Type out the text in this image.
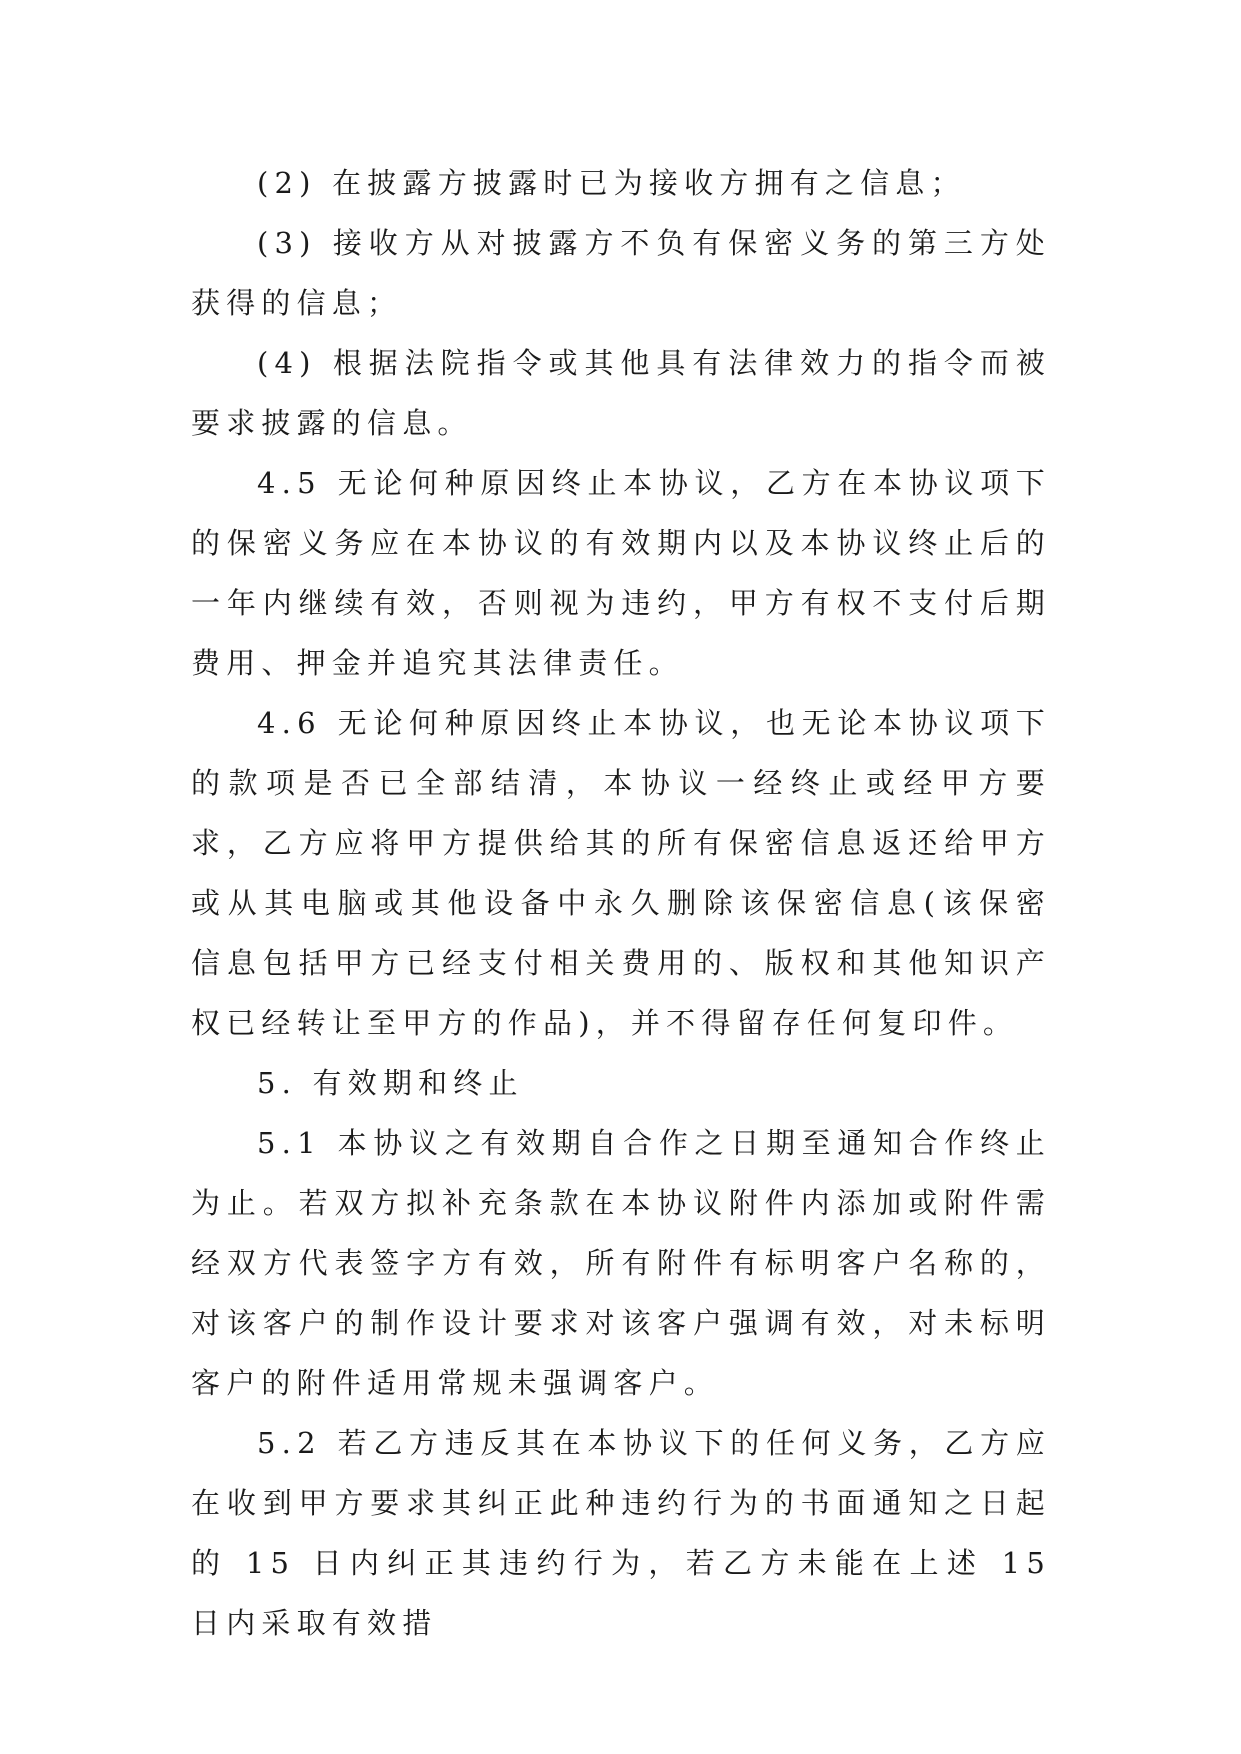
(2) 在披露方披露时已为接收方拥有之信息；

(3) 接收方从对披露方不负有保密义务的第三方处获得的信息；

(4) 根据法院指令或其他具有法律效力的指令而被要求披露的信息。

4.5 无论何种原因终止本协议，乙方在本协议项下的保密义务应在本协议的有效期内以及本协议终止后的一年内继续有效，否则视为违约，甲方有权不支付后期费用、押金并追究其法律责任。

4.6 无论何种原因终止本协议，也无论本协议项下的款项是否已全部结清，本协议一经终止或经甲方要求，乙方应将甲方提供给其的所有保密信息返还给甲方或从其电脑或其他设备中永久删除该保密信息(该保密信息包括甲方已经支付相关费用的、版权和其他知识产权已经转让至甲方的作品)，并不得留存任何复印件。

5. 有效期和终止

5.1 本协议之有效期自合作之日期至通知合作终止为止。若双方拟补充条款在本协议附件内添加或附件需经双方代表签字方有效，所有附件有标明客户名称的，对该客户的制作设计要求对该客户强调有效，对未标明客户的附件适用常规未强调客户。

5.2 若乙方违反其在本协议下的任何义务，乙方应在收到甲方要求其纠正此种违约行为的书面通知之日起的 15 日内纠正其违约行为，若乙方未能在上述 15 日内采取有效措
